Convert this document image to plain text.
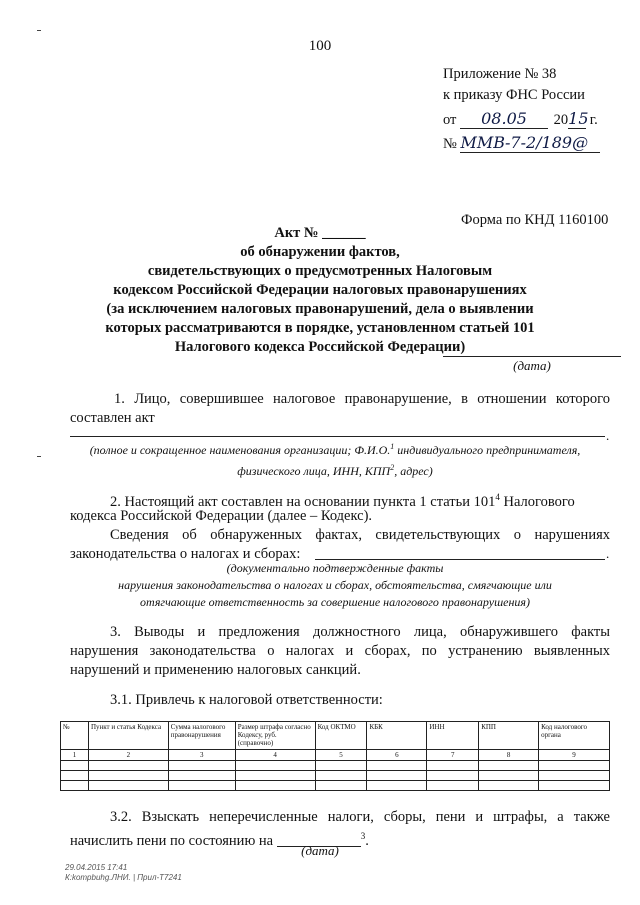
100
Приложение № 38
к приказу ФНС России
от 08.05 2015 г.
№ ММВ-7-2/189@
Форма по КНД 1160100
Акт № ______
об обнаружении фактов,
свидетельствующих о предусмотренных Налоговым
кодексом Российской Федерации налоговых правонарушениях
(за исключением налоговых правонарушений, дела о выявлении
которых рассматриваются в порядке, установленном статьей 101
Налогового кодекса Российской Федерации)
(дата)
1. Лицо, совершившее налоговое правонарушение, в отношении которого
составлен акт
.
(полное и сокращенное наименования организации; Ф.И.О.$^1$ индивидуального предпринимателя,
физического лица, ИНН, КПП$^2$, адрес)
2. Настоящий акт составлен на основании пункта 1 статьи $101^4$ Налогового
кодекса Российской Федерации (далее – Кодекс).
Сведения об обнаруженных фактах, свидетельствующих о нарушениях
законодательства о налогах и сборах:	.
(документально подтвержденные факты
нарушения законодательства о налогах и сборах, обстоятельства, смягчающие или
отягчающие ответственность за совершение налогового правонарушения)
3. Выводы и предложения должностного лица, обнаружившего факты
нарушения законодательства о налогах и сборах, по устранению выявленных
нарушений и применению налоговых санкций.
3.1. Привлечь к налоговой ответственности:
№	Пункт и статья Кодекса	Сумма налогового правонарушения	Размер штрафа согласно Кодексу, руб. (справочно)	Код ОКТМО	КБК	ИНН	КПП	Код налогового органа
1	2	3	4	5	6	7	8	9

3.2. Взыскать неперечисленные налоги, сборы, пени и штрафы, а также
начислить пени по состоянию на	$^3$.
(дата)
29.04.2015 17:41
К:kompbuhg.ЛНИ. | Прил-Т7241
